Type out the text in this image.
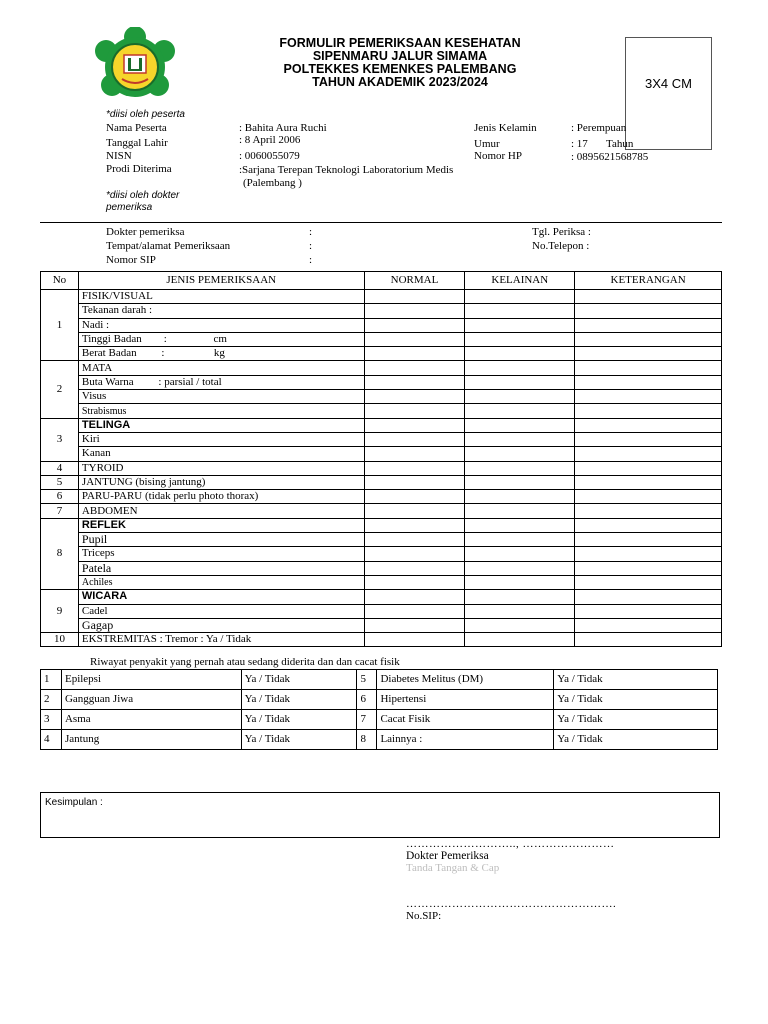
FORMULIR PEMERIKSAAN KESEHATAN
SIPENMARU JALUR SIMAMA
POLTEKKES KEMENKES PALEMBANG
TAHUN AKADEMIK 2023/2024	3X4 CM
*diisi oleh peserta
Nama Peserta	: Bahita Aura Ruchi
Tanggal Lahir	: 8 April 2006
NISN	: 0060055079
Prodi Diterima	:Sarjana Terepan Teknologi Laboratorium Medis
(Palembang )
Jenis Kelamin	: Perempuan
Umur	: 17 Tahun
Nomor HP	: 0895621568785
*diisi oleh dokter
pemeriksa
Dokter pemeriksa	:
Tempat/alamat Pemeriksaan	:
Nomor SIP	:
Tgl. Periksa :
No.Telepon :
No	JENIS PEMERIKSAAN	NORMAL	KELAINAN	KETERANGAN
1	FISIK/VISUAL			
	Tekanan darah :			
	Nadi :			
	Tinggi Badan        :                 cm			
	Berat Badan         :                  kg			
2	MATA			
	Buta Warna         : parsial / total			
	Visus			
	Strabismus			
3	TELINGA			
	Kiri			
	Kanan			
4	TYROID			
5	JANTUNG (bising jantung)			
6	PARU-PARU (tidak perlu photo thorax)			
7	ABDOMEN			
8	REFLEK			
	Pupil			
	Triceps			
	Patela			
	Achiles			
9	WICARA			
	Cadel			
	Gagap			
10	EKSTREMITAS : Tremor : Ya / Tidak			
Riwayat penyakit yang pernah atau sedang diderita dan dan cacat fisik
1	Epilepsi	Ya / Tidak	5	Diabetes Melitus (DM)	Ya / Tidak
2	Gangguan Jiwa	Ya / Tidak	6	Hipertensi	Ya / Tidak
3	Asma	Ya / Tidak	7	Cacat Fisik	Ya / Tidak
4	Jantung	Ya / Tidak	8	Lainnya :	Ya / Tidak
Kesimpulan :
……………………….., ……………………
Dokter Pemeriksa
Tanda Tangan & Cap
……………………………………………….
No.SIP:
